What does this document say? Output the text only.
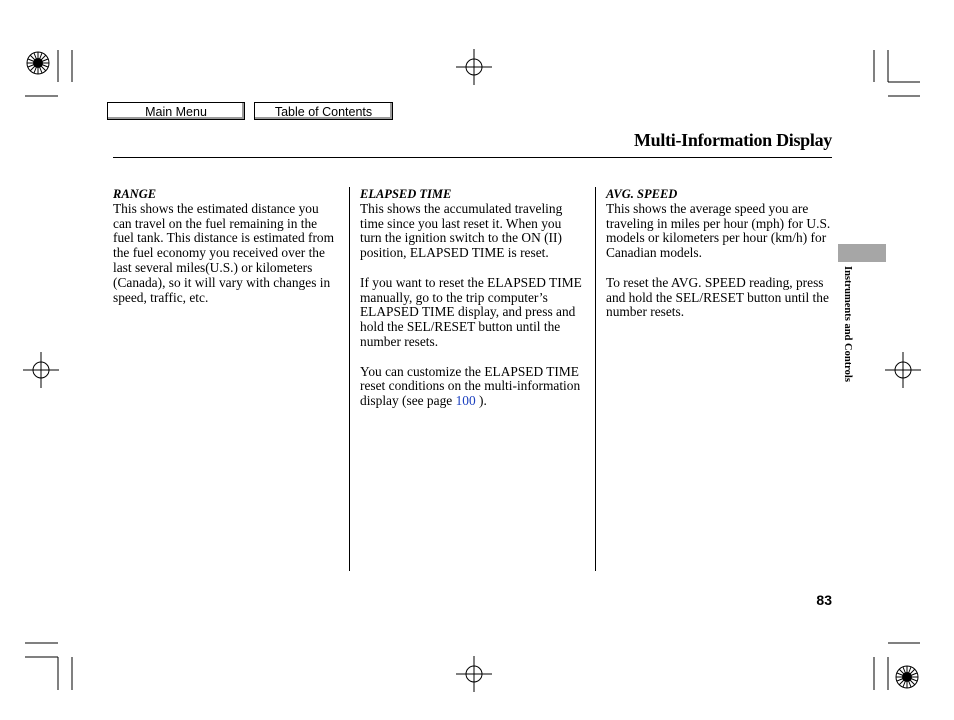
Main Menu	Table of Contents
Multi-Information Display
RANGE

This shows the estimated distance you can travel on the fuel remaining in the fuel tank. This distance is estimated from the fuel economy you received over the last several miles(U.S.) or kilometers (Canada), so it will vary with changes in speed, traffic, etc.

ELAPSED TIME

This shows the accumulated traveling time since you last reset it. When you turn the ignition switch to the ON (II) position, ELAPSED TIME is reset.

If you want to reset the ELAPSED TIME manually, go to the trip computer’s ELAPSED TIME display, and press and hold the SEL/RESET button until the number resets.

You can customize the ELAPSED TIME reset conditions on the multi-information display (see page 100 ).

AVG. SPEED

This shows the average speed you are traveling in miles per hour (mph) for U.S. models or kilometers per hour (km/h) for Canadian models.

To reset the AVG. SPEED reading, press and hold the SEL/RESET button until the number resets.	Instruments and Controls
83
